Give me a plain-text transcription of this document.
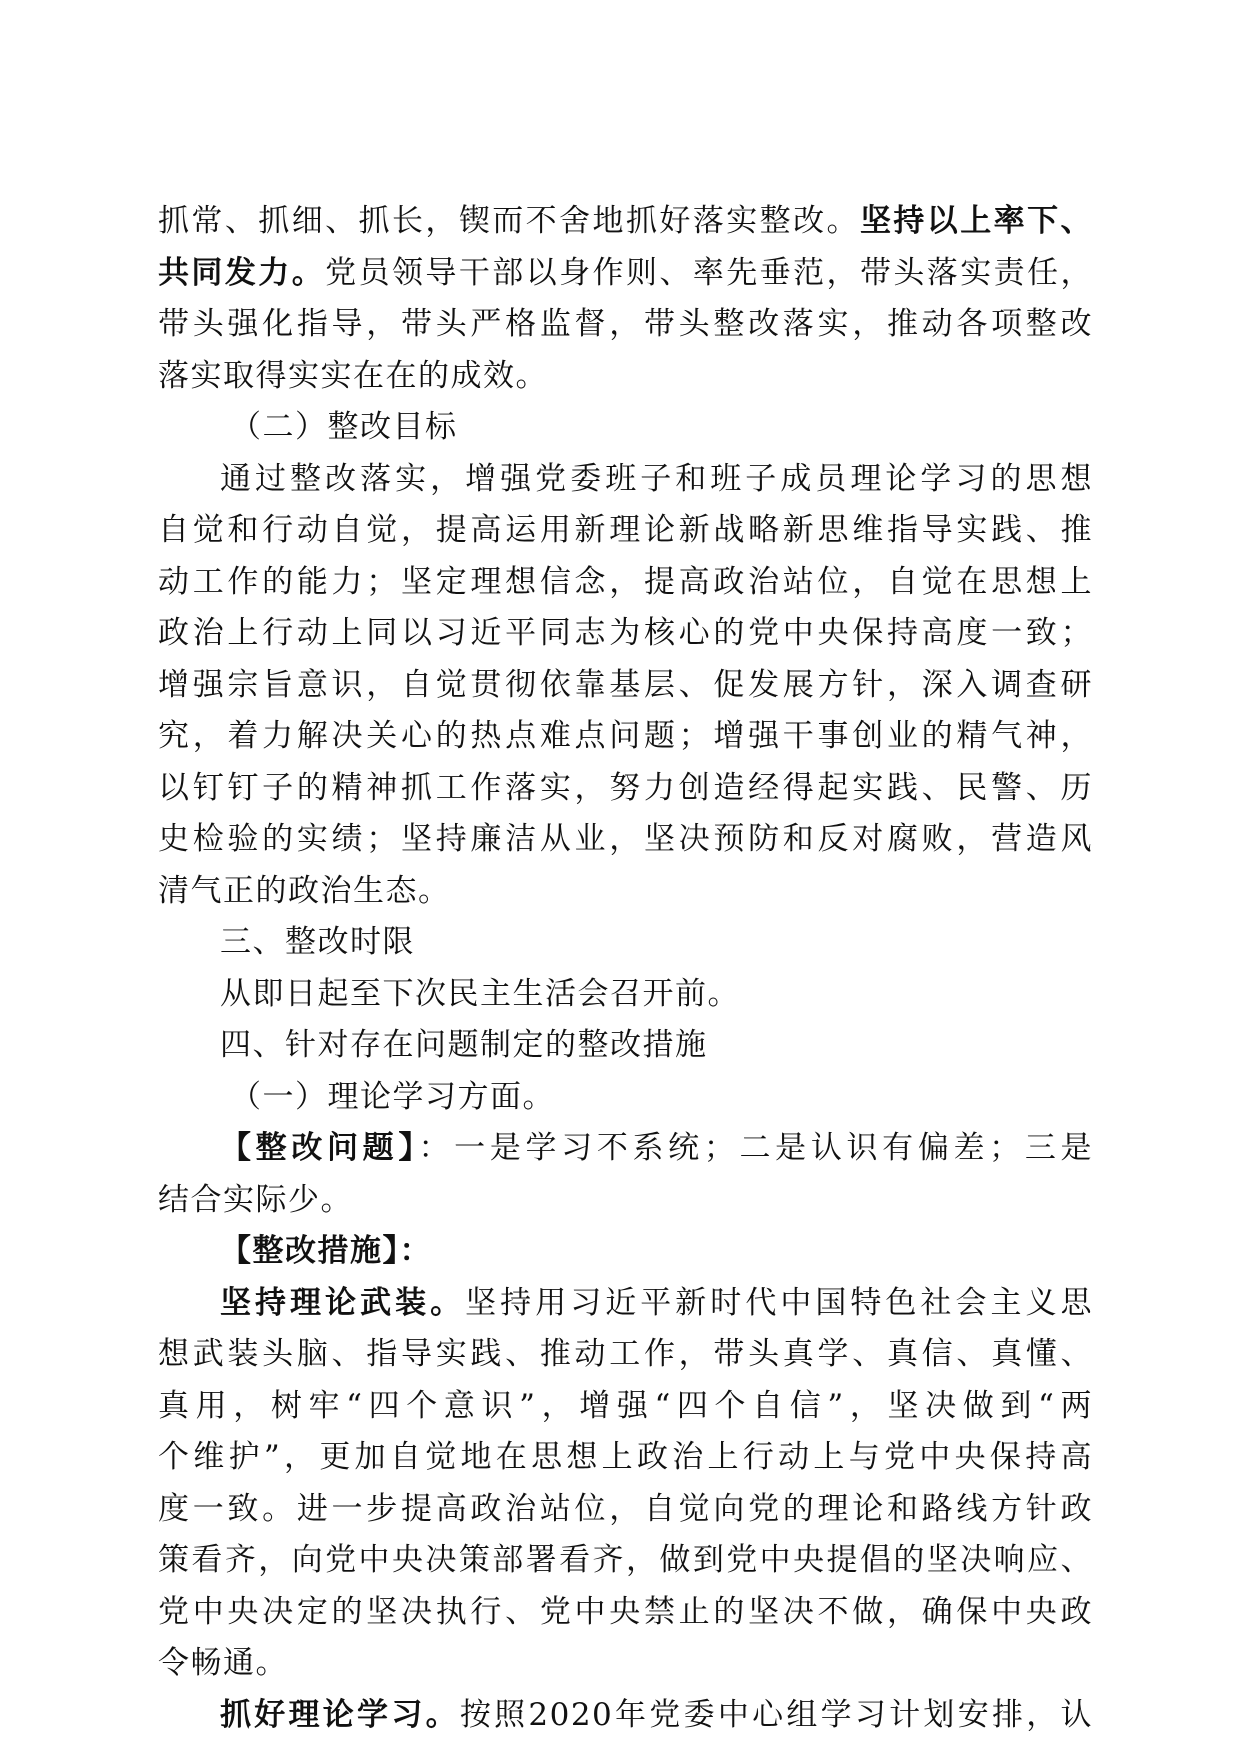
抓常、抓细、抓长，锲而不舍地抓好落实整改。坚持以上率下、
共同发力。党员领导干部以身作则、率先垂范，带头落实责任，
带头强化指导，带头严格监督，带头整改落实，推动各项整改
落实取得实实在在的成效。
（二）整改目标
通过整改落实，增强党委班子和班子成员理论学习的思想
自觉和行动自觉，提高运用新理论新战略新思维指导实践、推
动工作的能力；坚定理想信念，提高政治站位，自觉在思想上
政治上行动上同以习近平同志为核心的党中央保持高度一致；
增强宗旨意识，自觉贯彻依靠基层、促发展方针，深入调查研
究，着力解决关心的热点难点问题；增强干事创业的精气神，
以钉钉子的精神抓工作落实，努力创造经得起实践、民警、历
史检验的实绩；坚持廉洁从业，坚决预防和反对腐败，营造风
清气正的政治生态。
三、整改时限
从即日起至下次民主生活会召开前。
四、针对存在问题制定的整改措施
（一）理论学习方面。
【整改问题】：一是学习不系统；二是认识有偏差；三是
结合实际少。
【整改措施】：
坚持理论武装。坚持用习近平新时代中国特色社会主义思
想武装头脑、指导实践、推动工作，带头真学、真信、真懂、
真用，树牢“四个意识”，增强“四个自信”，坚决做到“两
个维护”，更加自觉地在思想上政治上行动上与党中央保持高
度一致。进一步提高政治站位，自觉向党的理论和路线方针政
策看齐，向党中央决策部署看齐，做到党中央提倡的坚决响应、
党中央决定的坚决执行、党中央禁止的坚决不做，确保中央政
令畅通。
抓好理论学习。按照2020年党委中心组学习计划安排，认
